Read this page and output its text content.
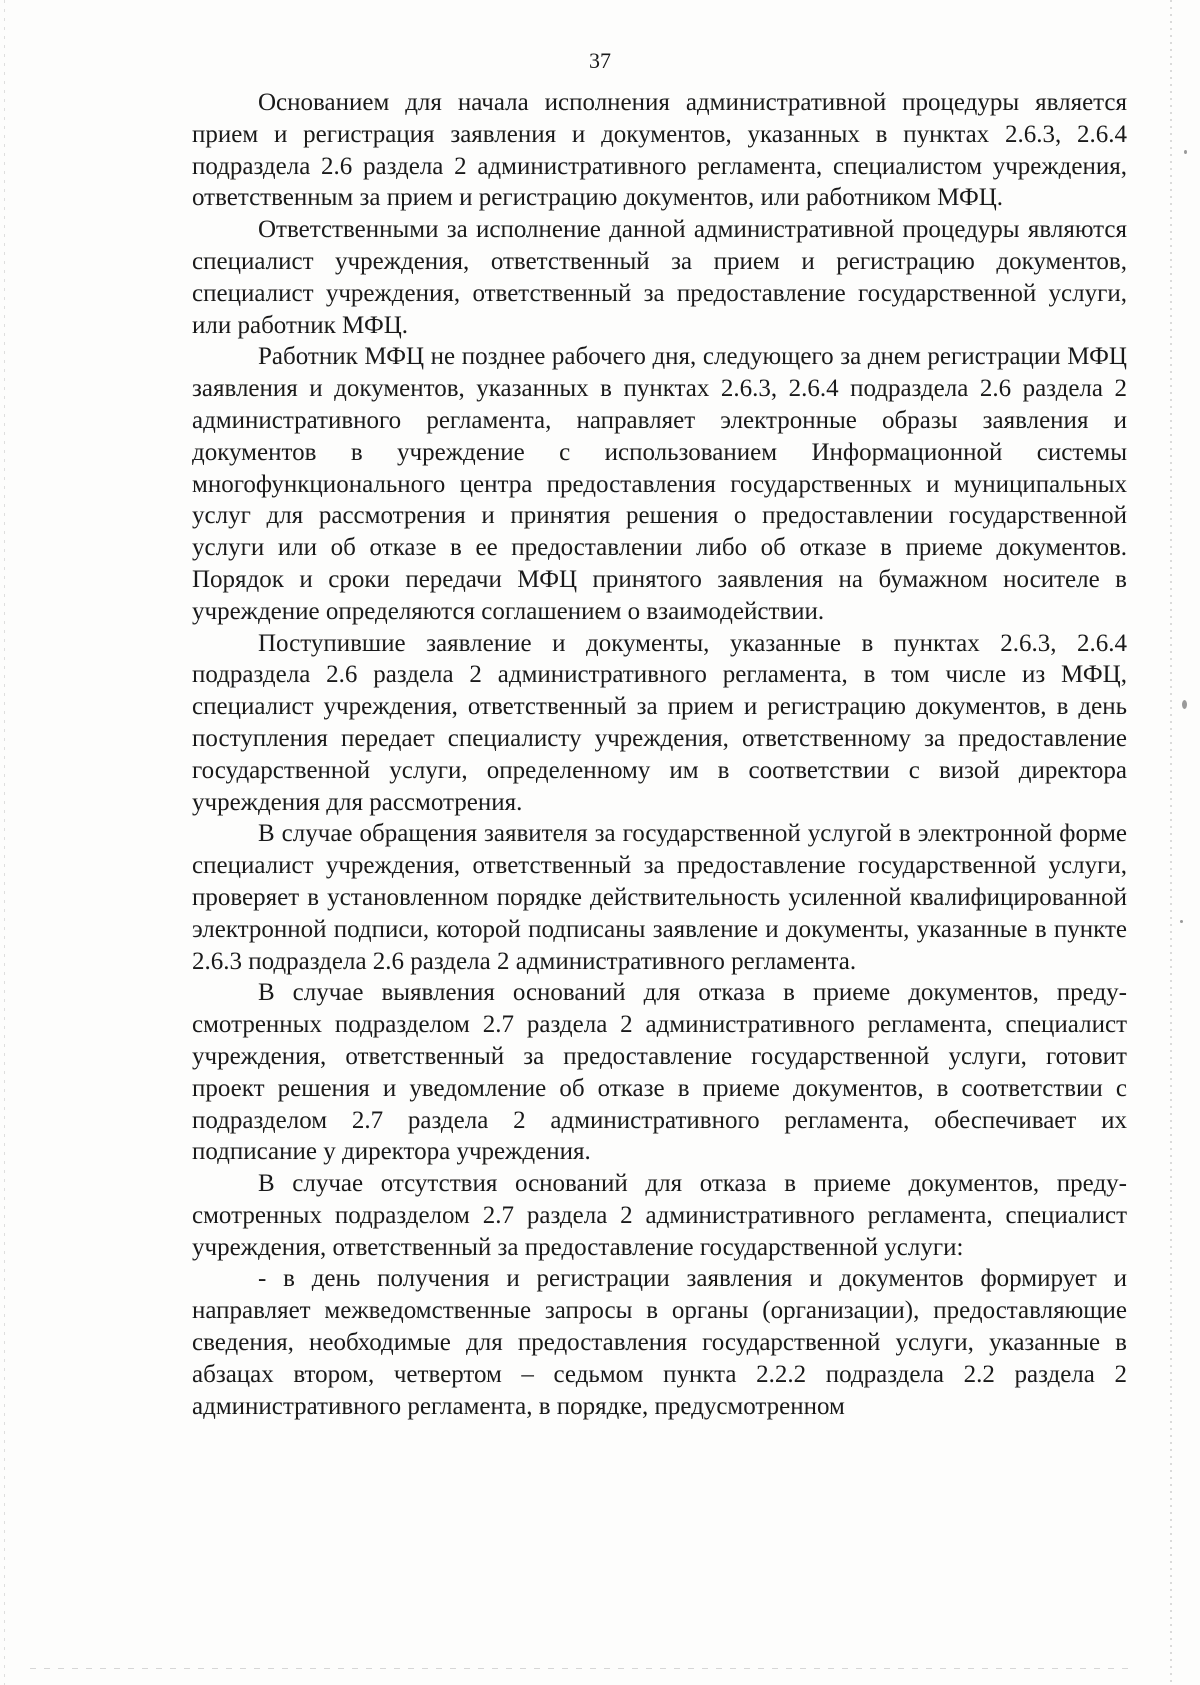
37

Основанием для начала исполнения административной процедуры является прием и регистрация заявления и документов, указанных в пунктах 2.6.3, 2.6.4 подраздела 2.6 раздела 2 административного регламента, специалистом учреждения, ответственным за прием и регистрацию документов, или работником МФЦ.

Ответственными за исполнение данной административной процедуры являются специалист учреждения, ответственный за прием и регистрацию документов, специалист учреждения, ответственный за предоставление государственной услуги, или работник МФЦ.

Работник МФЦ не позднее рабочего дня, следующего за днем регистрации МФЦ заявления и документов, указанных в пунктах 2.6.3, 2.6.4 подраздела 2.6 раздела 2 административного регламента, направляет электронные образы заявления и документов в учреждение с использованием Информационной системы многофункционального центра предоставления государственных и муниципальных услуг для рассмотрения и принятия решения о предоставлении государственной услуги или об отказе в ее предоставлении либо об отказе в приеме документов. Порядок и сроки передачи МФЦ принятого заявления на бумажном носителе в учреждение определяются соглашением о взаимодействии.

Поступившие заявление и документы, указанные в пунктах 2.6.3, 2.6.4 подраздела 2.6 раздела 2 административного регламента, в том числе из МФЦ, специалист учреждения, ответственный за прием и регистрацию документов, в день поступления передает специалисту учреждения, ответственному за предоставление государственной услуги, определенному им в соответствии с визой директора учреждения для рассмотрения.

В случае обращения заявителя за государственной услугой в электронной форме специалист учреждения, ответственный за предоставление государственной услуги, проверяет в установленном порядке действительность усиленной квалифицированной электронной подписи, которой подписаны заявление и документы, указанные в пункте 2.6.3 подраздела 2.6 раздела 2 административного регламента.

В случае выявления оснований для отказа в приеме документов, предусмотренных подразделом 2.7 раздела 2 административного регламента, специалист учреждения, ответственный за предоставление государственной услуги, готовит проект решения и уведомление об отказе в приеме документов, в соответствии с подразделом 2.7 раздела 2 административного регламента, обеспечивает их подписание у директора учреждения.

В случае отсутствия оснований для отказа в приеме документов, предусмотренных подразделом 2.7 раздела 2 административного регламента, специалист учреждения, ответственный за предоставление государственной услуги:

- в день получения и регистрации заявления и документов формирует и направляет межведомственные запросы в органы (организации), предоставляющие сведения, необходимые для предоставления государственной услуги, указанные в абзацах втором, четвертом – седьмом пункта 2.2.2 подраздела 2.2 раздела 2 административного регламента, в порядке, предусмотренном
